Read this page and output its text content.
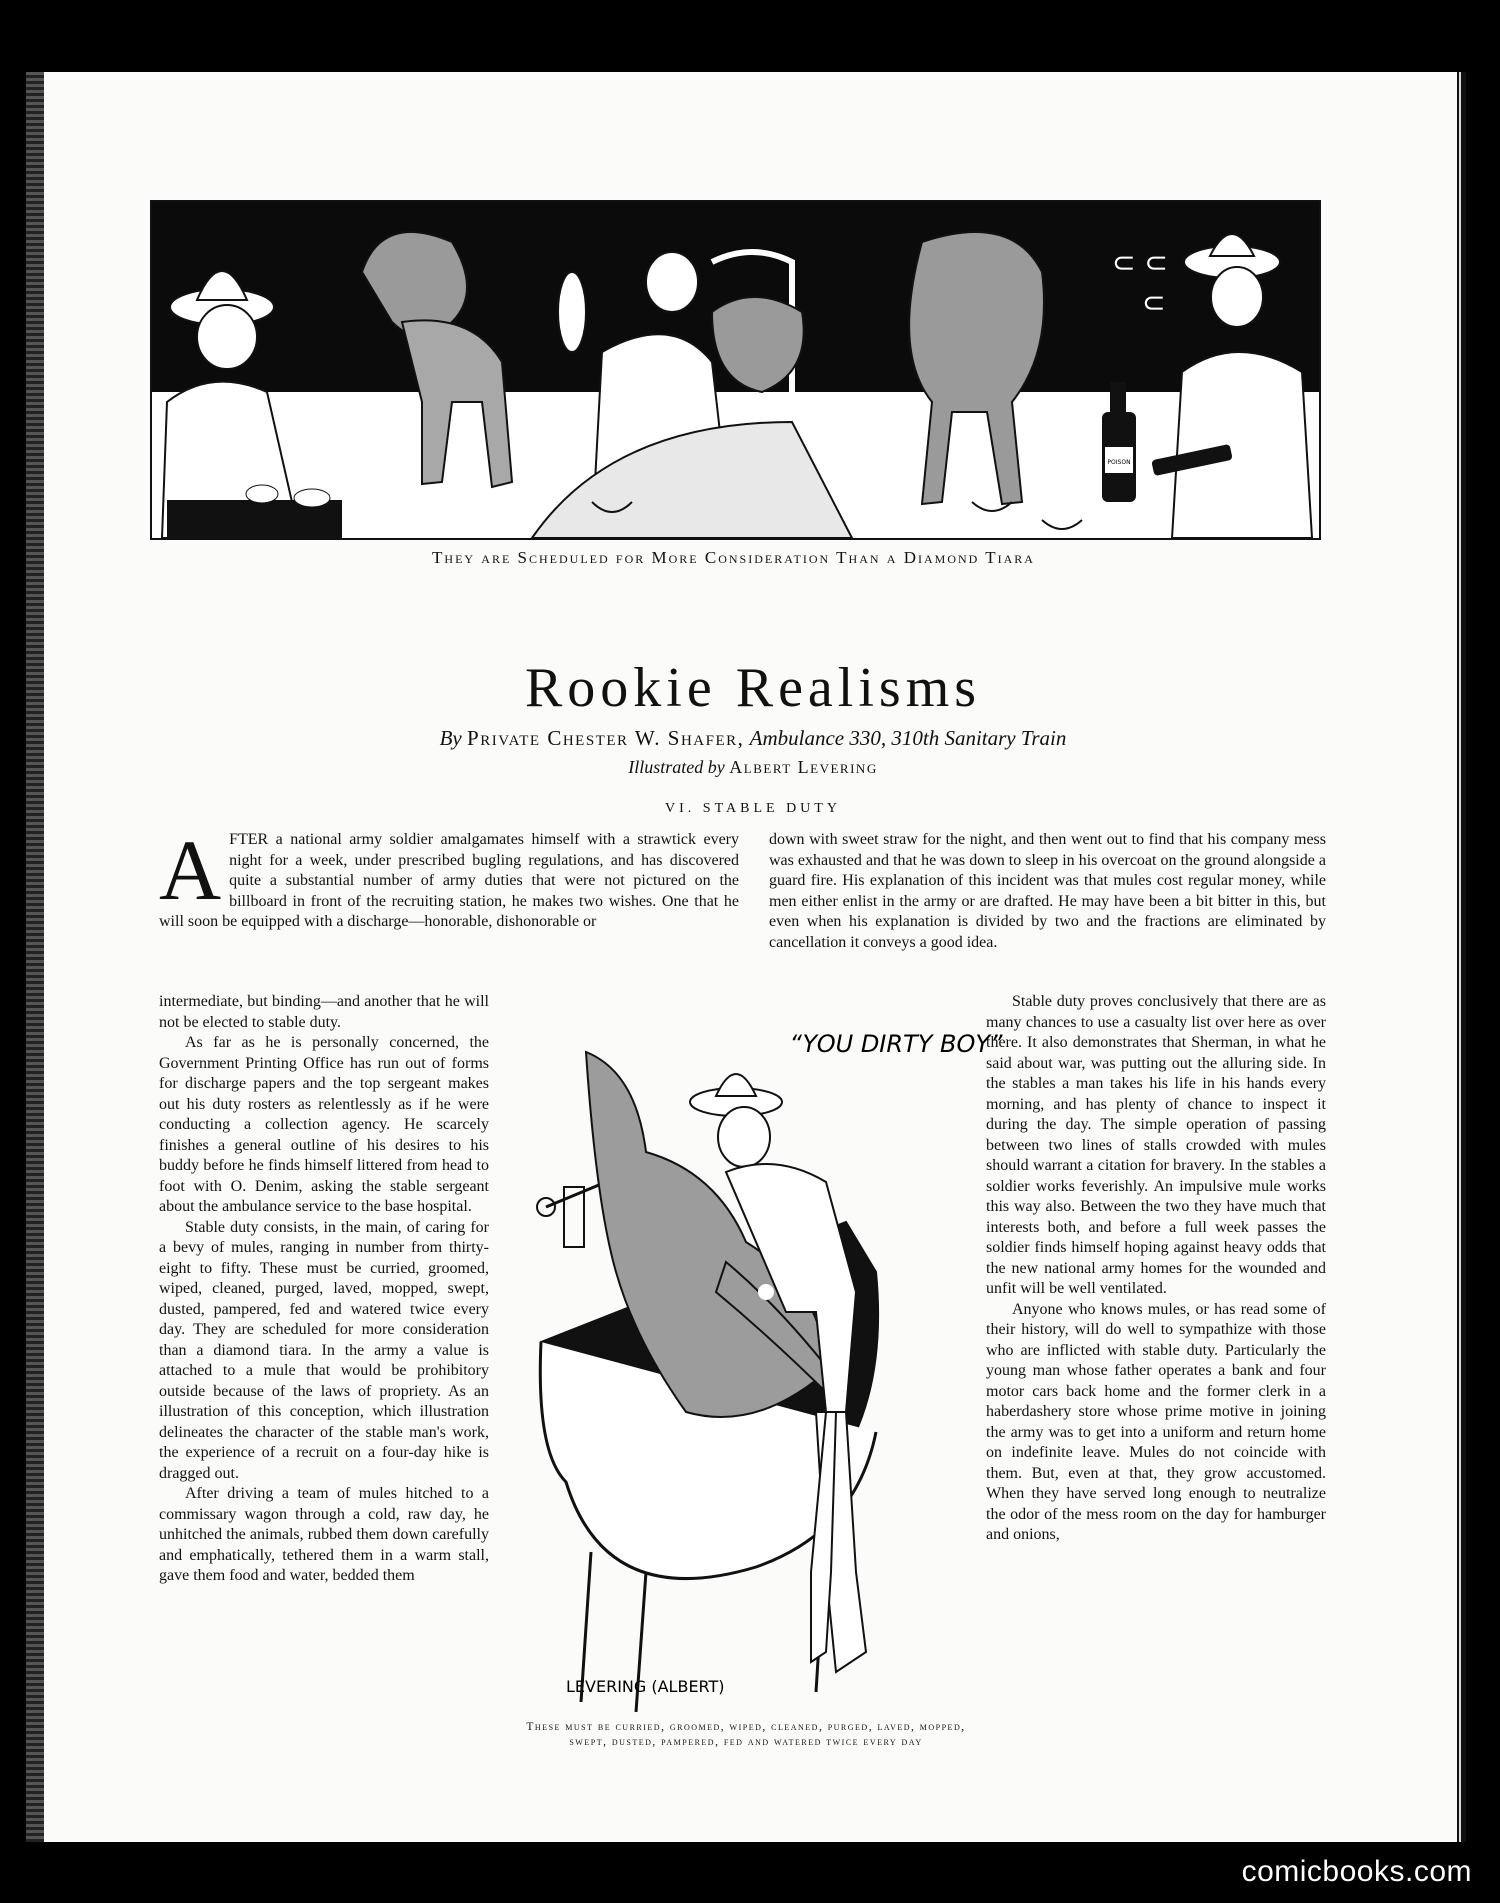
⊂ ⊂
⊂
POISON
They are Scheduled for More Consideration Than a Diamond Tiara
Rookie Realisms
By Private Chester W. Shafer, Ambulance 330, 310th Sanitary Train
Illustrated by Albert Levering
VI. STABLE DUTY
AFTER a national army soldier amalgamates himself with a strawtick every night for a week, under prescribed bugling regulations, and has discovered quite a substantial number of army duties that were not pictured on the billboard in front of the recruiting station, he makes two wishes. One that he will soon be equipped with a discharge—honorable, dishonorable or

intermediate, but binding—and another that he will not be elected to stable duty.

As far as he is personally concerned, the Government Printing Office has run out of forms for discharge papers and the top sergeant makes out his duty rosters as relentlessly as if he were conducting a collection agency. He scarcely finishes a general outline of his desires to his buddy before he finds himself littered from head to foot with O. Denim, asking the stable sergeant about the ambulance service to the base hospital.

Stable duty consists, in the main, of caring for a bevy of mules, ranging in number from thirty-eight to fifty. These must be curried, groomed, wiped, cleaned, purged, laved, mopped, swept, dusted, pampered, fed and watered twice every day. They are scheduled for more consideration than a diamond tiara. In the army a value is attached to a mule that would be prohibitory outside because of the laws of propriety. As an illustration of this conception, which illustration delineates the character of the stable man's work, the experience of a recruit on a four-day hike is dragged out.

After driving a team of mules hitched to a commissary wagon through a cold, raw day, he unhitched the animals, rubbed them down carefully and emphatically, tethered them in a warm stall, gave them food and water, bedded them

down with sweet straw for the night, and then went out to find that his company mess was exhausted and that he was down to sleep in his overcoat on the ground alongside a guard fire. His explanation of this incident was that mules cost regular money, while men either enlist in the army or are drafted. He may have been a bit bitter in this, but even when his explanation is divided by two and the fractions are eliminated by cancellation it conveys a good idea.

Stable duty proves conclusively that there are as many chances to use a casualty list over here as over there. It also demonstrates that Sherman, in what he said about war, was putting out the alluring side. In the stables a man takes his life in his hands every morning, and has plenty of chance to inspect it during the day. The simple operation of passing between two lines of stalls crowded with mules should warrant a citation for bravery. In the stables a soldier works feverishly. An impulsive mule works this way also. Between the two they have much that interests both, and before a full week passes the soldier finds himself hoping against heavy odds that the new national army homes for the wounded and unfit will be well ventilated.

Anyone who knows mules, or has read some of their history, will do well to sympathize with those who are inflicted with stable duty. Particularly the young man whose father operates a bank and four motor cars back home and the former clerk in a haberdashery store whose prime motive in joining the army was to get into a uniform and return home on indefinite leave. Mules do not coincide with them. But, even at that, they grow accustomed. When they have served long enough to neutralize the odor of the mess room on the day for hamburger and onions,

“YOU DIRTY BOY”
LEVERING (ALBERT)
These must be curried, groomed, wiped, cleaned, purged, laved, mopped, swept, dusted, pampered, fed and watered twice every day
comicbooks.com
